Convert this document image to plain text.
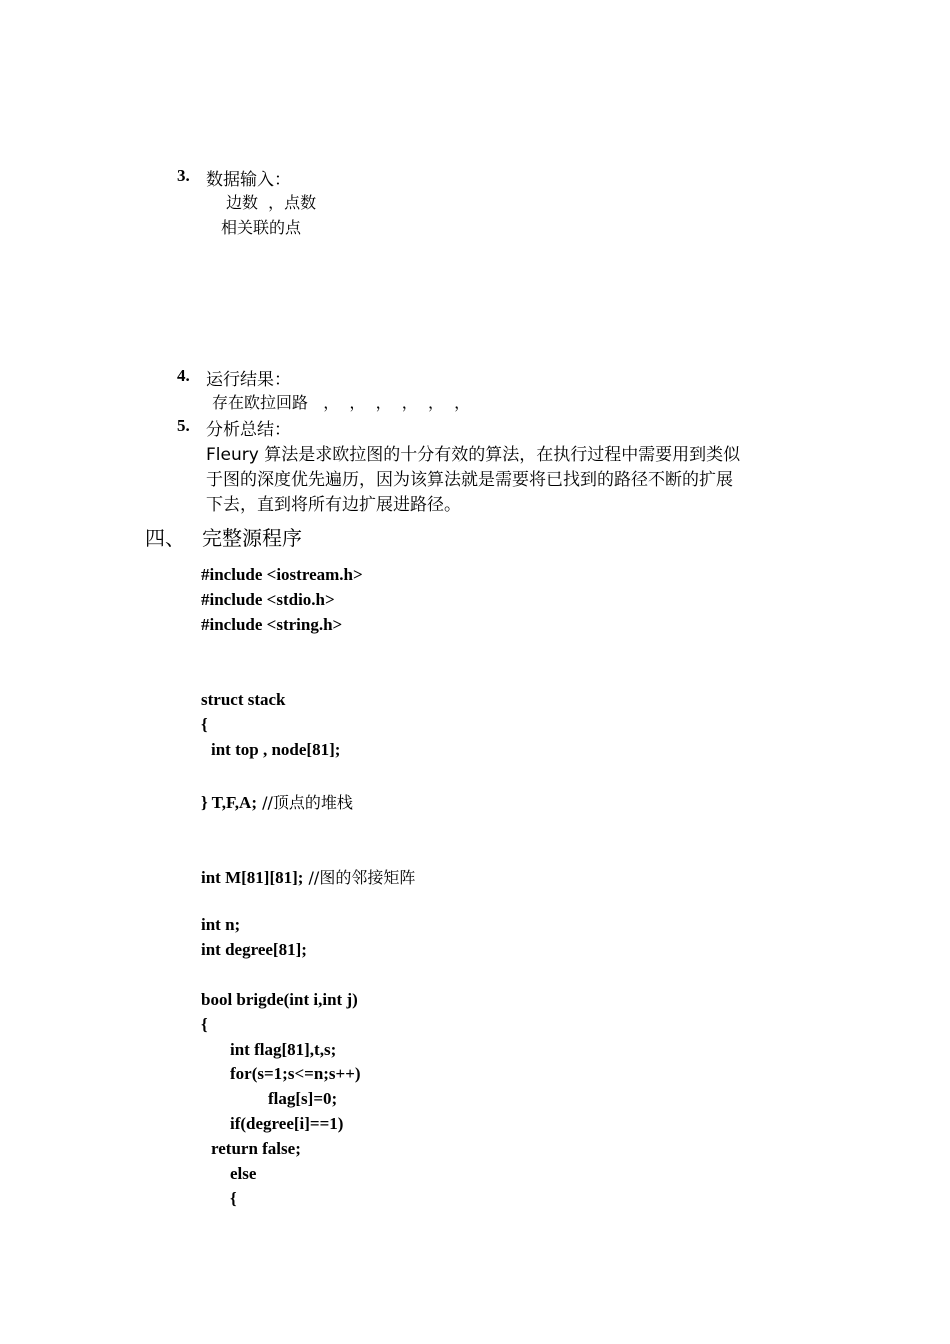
3. 数据输入：
边数  ，点数
相关联的点
4. 运行结果：
存在欧拉回路   ，  ，  ，  ，  ，  ，
5. 分析总结：
Fleury 算法是求欧拉图的十分有效的算法，在执行过程中需要用到类似
于图的深度优先遍历，因为该算法就是需要将已找到的路径不断的扩展
下去，直到将所有边扩展进路径。
四、 完整源程序
#include <iostream.h>
#include <stdio.h>
#include <string.h>
struct stack
{
int top , node[81];
} T,F,A; //顶点的堆栈
int M[81][81]; //图的邻接矩阵
int n;
int degree[81];
bool brigde(int i,int j)
{
int flag[81],t,s;
for(s=1;s<=n;s++)
flag[s]=0;
if(degree[i]==1)
return false;
else
{
